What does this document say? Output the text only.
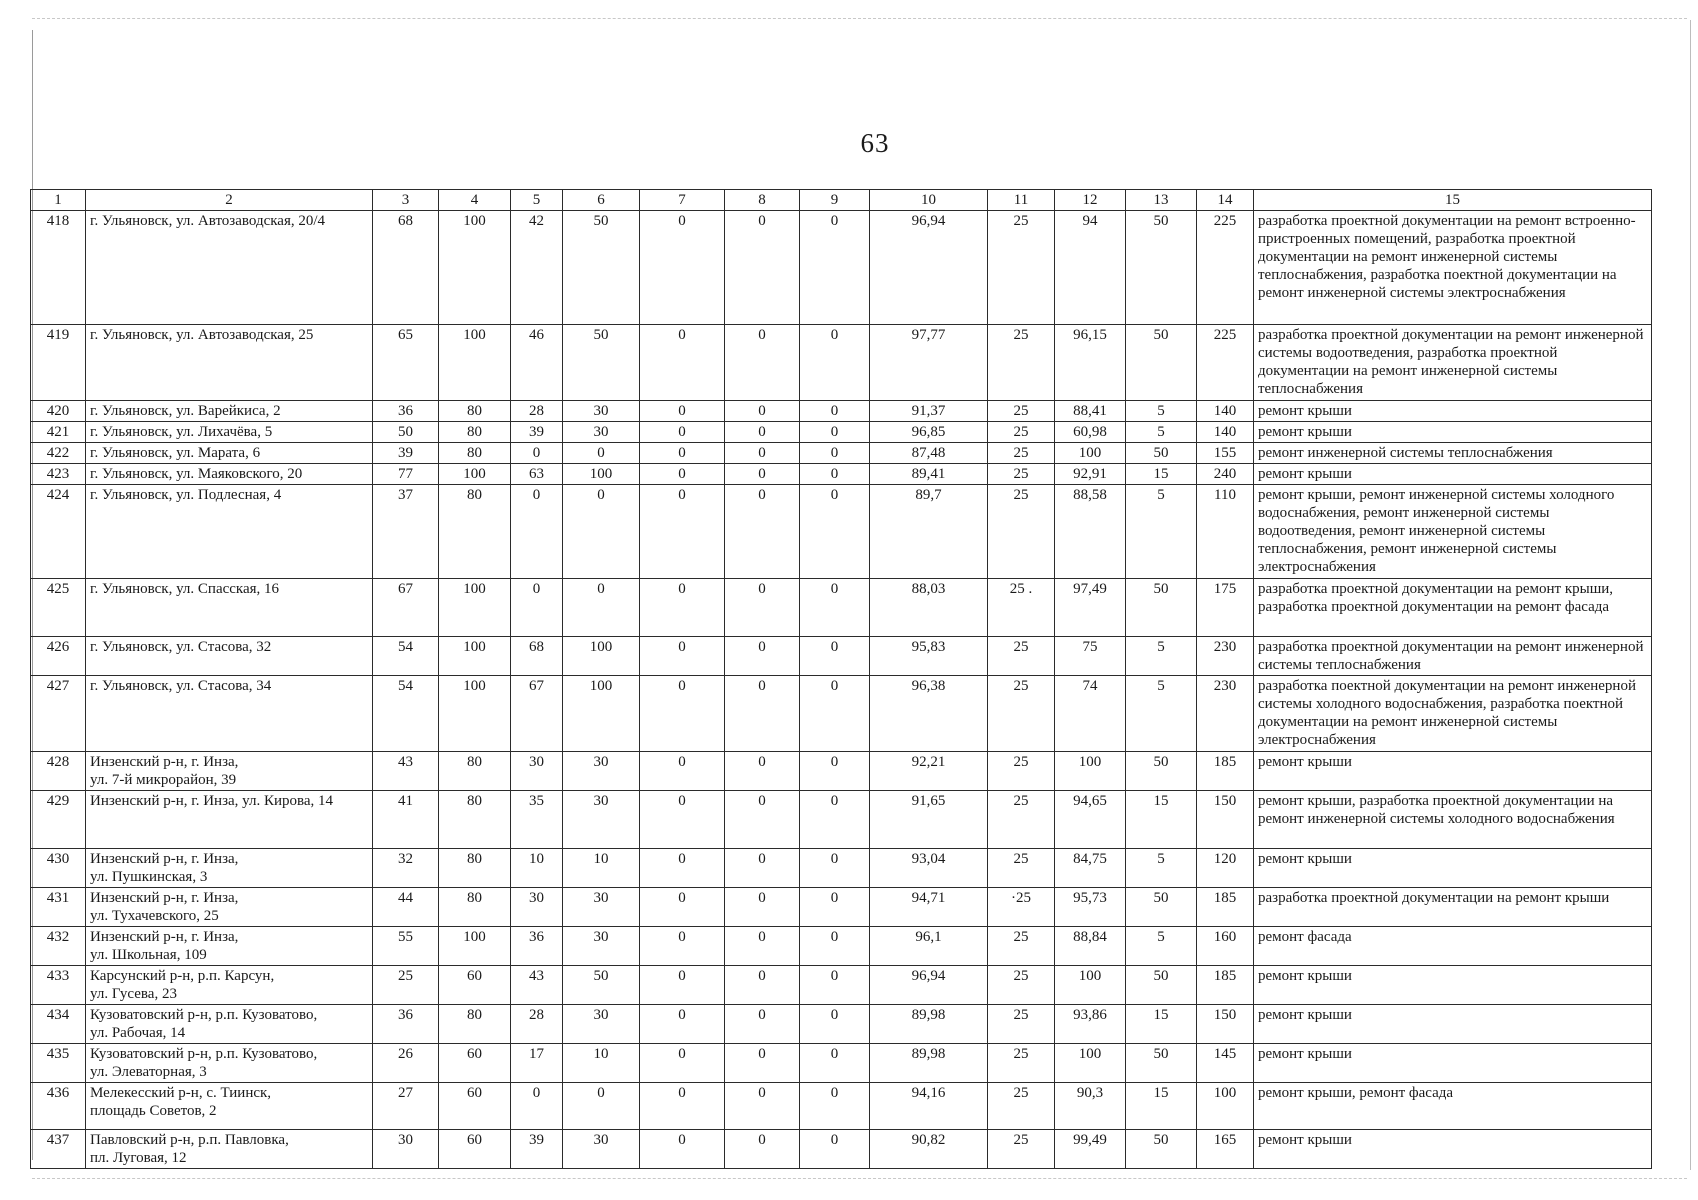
63
1	2	3	4	5	6	7	8	9	10	11	12	13	14	15
418	г. Ульяновск, ул. Автозаводская, 20/4	68	100	42	50	0	0	0	96,94	25	94	50	225	разработка проектной документации на ремонт встроенно-пристроенных помещений, разработка проектной документации на ремонт инженерной системы теплоснабжения, разработка поектной документации на ремонт инженерной системы электроснабжения
419	г. Ульяновск, ул. Автозаводская, 25	65	100	46	50	0	0	0	97,77	25	96,15	50	225	разработка проектной документации на ремонт инженерной системы водоотведения, разработка проектной документации на ремонт инженерной системы теплоснабжения
420	г. Ульяновск, ул. Варейкиса, 2	36	80	28	30	0	0	0	91,37	25	88,41	5	140	ремонт крыши
421	г. Ульяновск, ул. Лихачёва, 5	50	80	39	30	0	0	0	96,85	25	60,98	5	140	ремонт крыши
422	г. Ульяновск, ул. Марата, 6	39	80	0	0	0	0	0	87,48	25	100	50	155	ремонт инженерной системы теплоснабжения
423	г. Ульяновск, ул. Маяковского, 20	77	100	63	100	0	0	0	89,41	25	92,91	15	240	ремонт крыши
424	г. Ульяновск, ул. Подлесная, 4	37	80	0	0	0	0	0	89,7	25	88,58	5	110	ремонт крыши, ремонт инженерной системы холодного водоснабжения, ремонт инженерной системы водоотведения, ремонт инженерной системы теплоснабжения, ремонт инженерной системы электроснабжения
425	г. Ульяновск, ул. Спасская, 16	67	100	0	0	0	0	0	88,03	25 .	97,49	50	175	разработка проектной документации на ремонт крыши, разработка проектной документации на ремонт фасада
426	г. Ульяновск, ул. Стасова, 32	54	100	68	100	0	0	0	95,83	25	75	5	230	разработка проектной документации на ремонт инженерной системы теплоснабжения
427	г. Ульяновск, ул. Стасова, 34	54	100	67	100	0	0	0	96,38	25	74	5	230	разработка поектной документации на ремонт инженерной системы холодного водоснабжения, разработка поектной документации на ремонт инженерной системы электроснабжения
428	Инзенский р-н, г. Инза,
ул. 7-й микрорайон, 39	43	80	30	30	0	0	0	92,21	25	100	50	185	ремонт крыши
429	Инзенский р-н, г. Инза, ул. Кирова, 14	41	80	35	30	0	0	0	91,65	25	94,65	15	150	ремонт крыши, разработка проектной документации на ремонт инженерной системы холодного водоснабжения
430	Инзенский р-н, г. Инза,
ул. Пушкинская, 3	32	80	10	10	0	0	0	93,04	25	84,75	5	120	ремонт крыши
431	Инзенский р-н, г. Инза,
ул. Тухачевского, 25	44	80	30	30	0	0	0	94,71	·25	95,73	50	185	разработка проектной документации на ремонт крыши
432	Инзенский р-н, г. Инза,
ул. Школьная, 109	55	100	36	30	0	0	0	96,1	25	88,84	5	160	ремонт фасада
433	Карсунский р-н, р.п. Карсун,
ул. Гусева, 23	25	60	43	50	0	0	0	96,94	25	100	50	185	ремонт крыши
434	Кузоватовский р-н, р.п. Кузоватово,
ул. Рабочая, 14	36	80	28	30	0	0	0	89,98	25	93,86	15	150	ремонт крыши
435	Кузоватовский р-н, р.п. Кузоватово,
ул. Элеваторная, 3	26	60	17	10	0	0	0	89,98	25	100	50	145	ремонт крыши
436	Мелекесский р-н, с. Тиинск,
площадь Советов, 2	27	60	0	0	0	0	0	94,16	25	90,3	15	100	ремонт крыши, ремонт фасада
437	Павловский р-н, р.п. Павловка,
пл. Луговая, 12	30	60	39	30	0	0	0	90,82	25	99,49	50	165	ремонт крыши
